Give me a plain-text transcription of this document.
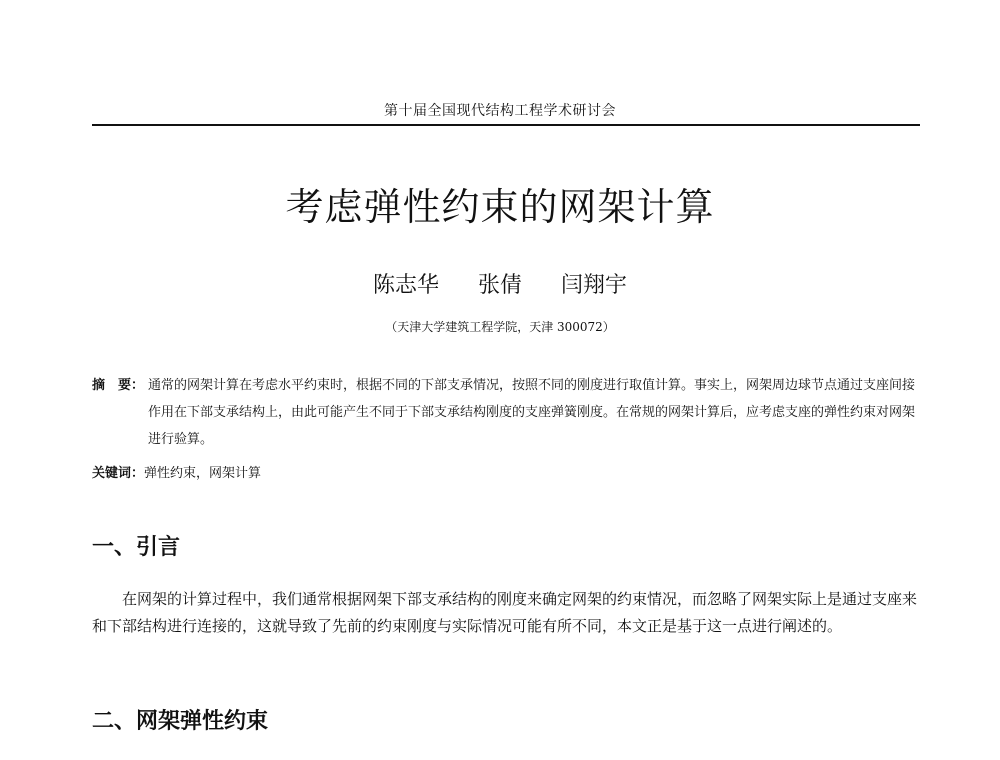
第十届全国现代结构工程学术研讨会
考虑弹性约束的网架计算
陈志华 张倩 闫翔宇
（天津大学建筑工程学院，天津 300072）
摘　要： 通常的网架计算在考虑水平约束时，根据不同的下部支承情况，按照不同的刚度进行取值计算。事实上，网架周边球节点通过支座间接作用在下部支承结构上，由此可能产生不同于下部支承结构刚度的支座弹簧刚度。在常规的网架计算后，应考虑支座的弹性约束对网架进行验算。
关键词：弹性约束，网架计算
一、引言
在网架的计算过程中，我们通常根据网架下部支承结构的刚度来确定网架的约束情况，而忽略了网架实际上是通过支座来和下部结构进行连接的，这就导致了先前的约束刚度与实际情况可能有所不同，本文正是基于这一点进行阐述的。
二、网架弹性约束
